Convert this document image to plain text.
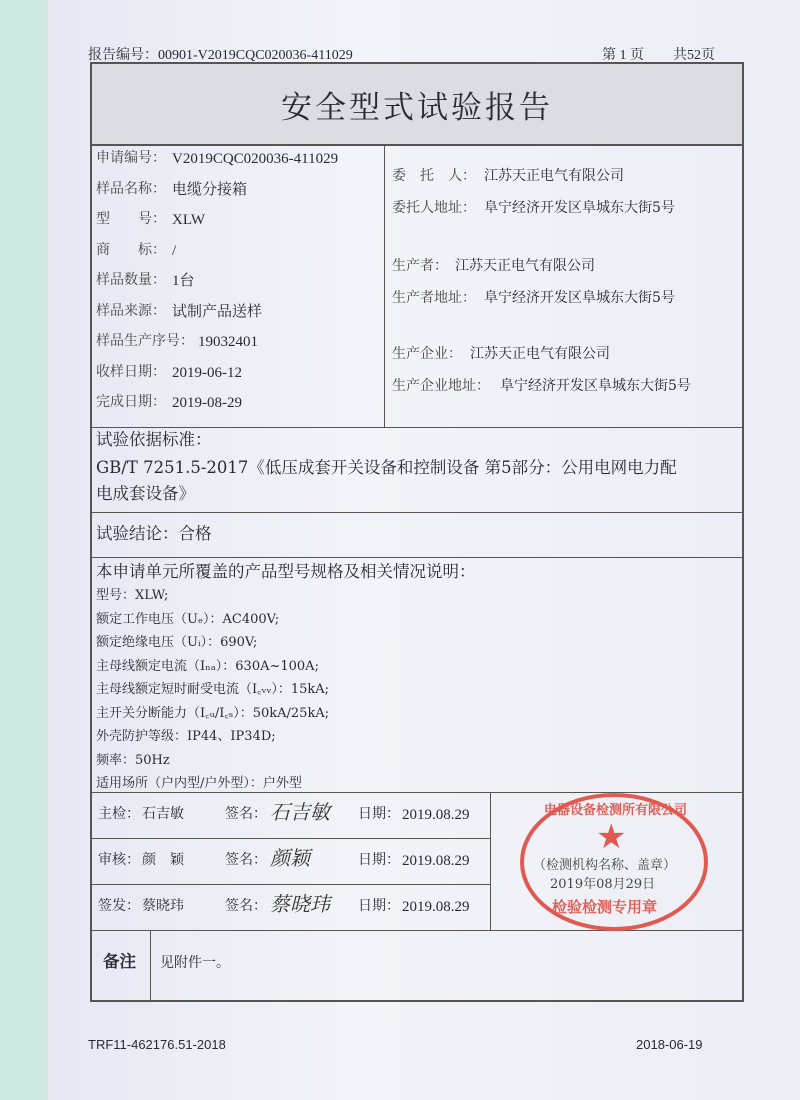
报告编号：00901-V2019CQC020036-411029	第 1 页 共52页
安全型式试验报告
申请编号： V2019CQC020036-411029
样品名称： 电缆分接箱
型　　号： XLW
商　　标： /
样品数量： 1台
样品来源： 试制产品送样
样品生产序号： 19032401
收样日期： 2019-06-12
完成日期： 2019-08-29
委　托　人： 江苏天正电气有限公司
委托人地址： 阜宁经济开发区阜城东大街5号
生产者： 江苏天正电气有限公司
生产者地址： 阜宁经济开发区阜城东大街5号
生产企业： 江苏天正电气有限公司
生产企业地址： 阜宁经济开发区阜城东大街5号
试验依据标准：
GB/T 7251.5-2017《低压成套开关设备和控制设备 第5部分：公用电网电力配
电成套设备》
试验结论：合格
本申请单元所覆盖的产品型号规格及相关情况说明：
型号：XLW;
额定工作电压（Uₑ）：AC400V;
额定绝缘电压（Uᵢ）：690V;
主母线额定电流（Iₙₐ）：630A~100A;
主母线额定短时耐受电流（I꜀ᵥᵥ）：15kA;
主开关分断能力（I꜀ᵤ/I꜀ₛ）：50kA/25kA;
外壳防护等级：IP44、IP34D;
频率：50Hz
适用场所（户内型/户外型）：户外型
主检： 石吉敏	签名： 石吉敏 日期： 2019.08.29
审核： 颜　颖	签名： 颜颖	日期： 2019.08.29
签发： 蔡晓玮	签名： 蔡晓玮 日期： 2019.08.29
电器设备检测所有限公司
★
检验检测专用章
（检测机构名称、盖章）
2019年08月29日
备注 见附件一。
TRF11-462176.51-2018	2018-06-19
